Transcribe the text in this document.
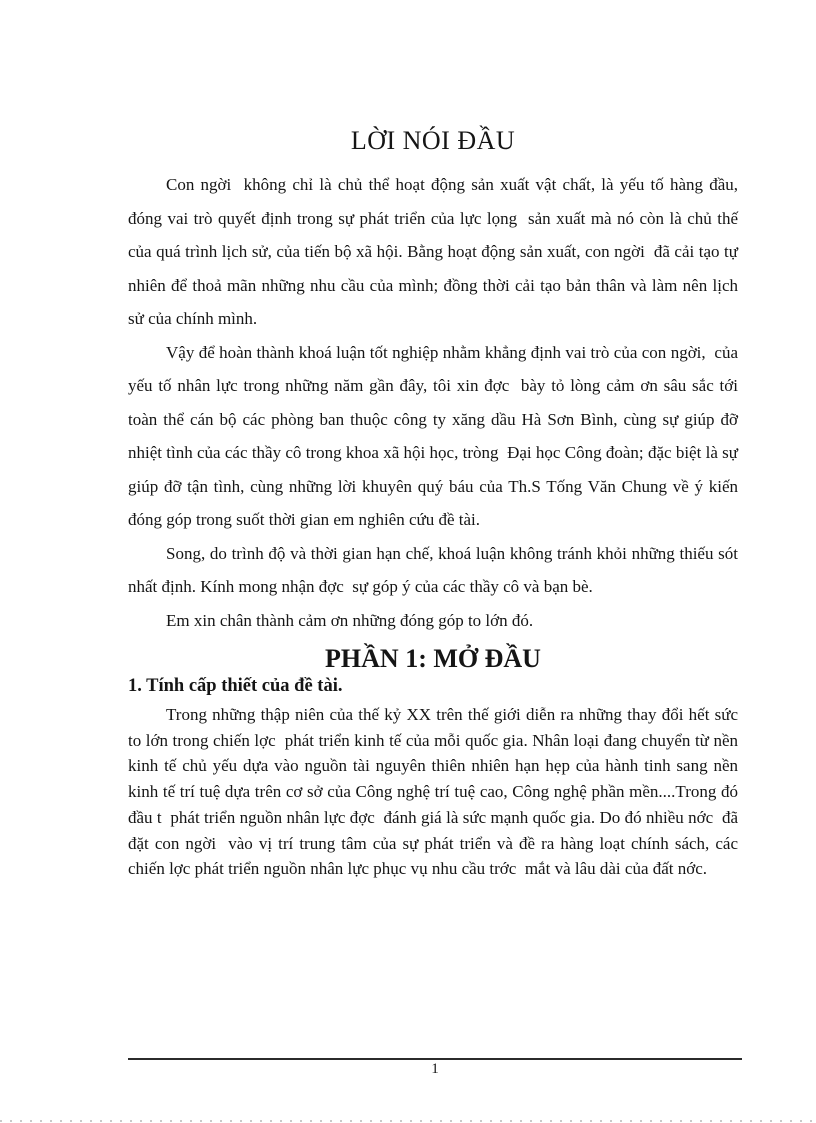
LỜI NÓI ĐẦU

Con ngời  không chỉ là chủ thể hoạt động sản xuất vật chất, là yếu tố hàng đầu, đóng vai trò quyết định trong sự phát triển của lực lọng  sản xuất mà nó còn là chủ thế của quá trình lịch sử, của tiến bộ xã hội. Bằng hoạt động sản xuất, con ngời  đã cải tạo tự nhiên để thoả mãn những nhu cầu của mình; đồng thời cải tạo bản thân và làm nên lịch sử của chính mình.

Vậy để hoàn thành khoá luận tốt nghiệp nhằm khẳng định vai trò của con ngời,  của yếu tố nhân lực trong những năm gần đây, tôi xin đợc  bày tỏ lòng cảm ơn sâu sắc tới toàn thể cán bộ các phòng ban thuộc công ty xăng dầu Hà Sơn Bình, cùng sự giúp đỡ nhiệt tình của các thầy cô trong khoa xã hội học, tròng  Đại học Công đoàn; đặc biệt là sự giúp đỡ tận tình, cùng những lời khuyên quý báu của Th.S Tống Văn Chung về ý kiến đóng góp trong suốt thời gian em nghiên cứu đề tài.

Song, do trình độ và thời gian hạn chế, khoá luận không tránh khỏi những thiếu sót nhất định. Kính mong nhận đợc  sự góp ý của các thầy cô và bạn bè.

Em xin chân thành cảm ơn những đóng góp to lớn đó.

PHẦN 1: MỞ ĐẦU
1. Tính cấp thiết của đề tài.

Trong những thập niên của thế kỷ XX trên thế giới diễn ra những thay đổi hết sức to lớn trong chiến lợc  phát triển kinh tế của mỗi quốc gia. Nhân loại đang chuyển từ nền kinh tế chủ yếu dựa vào nguồn tài nguyên thiên nhiên hạn hẹp của hành tinh sang nền kinh tế trí tuệ dựa trên cơ sở của Công nghệ trí tuệ cao, Công nghệ phần mền....Trong đó đầu t  phát triển nguồn nhân lực đợc  đánh giá là sức mạnh quốc gia. Do đó nhiều nớc  đã đặt con ngời  vào vị trí trung tâm của sự phát triển và đề ra hàng loạt chính sách, các chiến lợc phát triển nguồn nhân lực phục vụ nhu cầu trớc  mắt và lâu dài của đất nớc.

1
